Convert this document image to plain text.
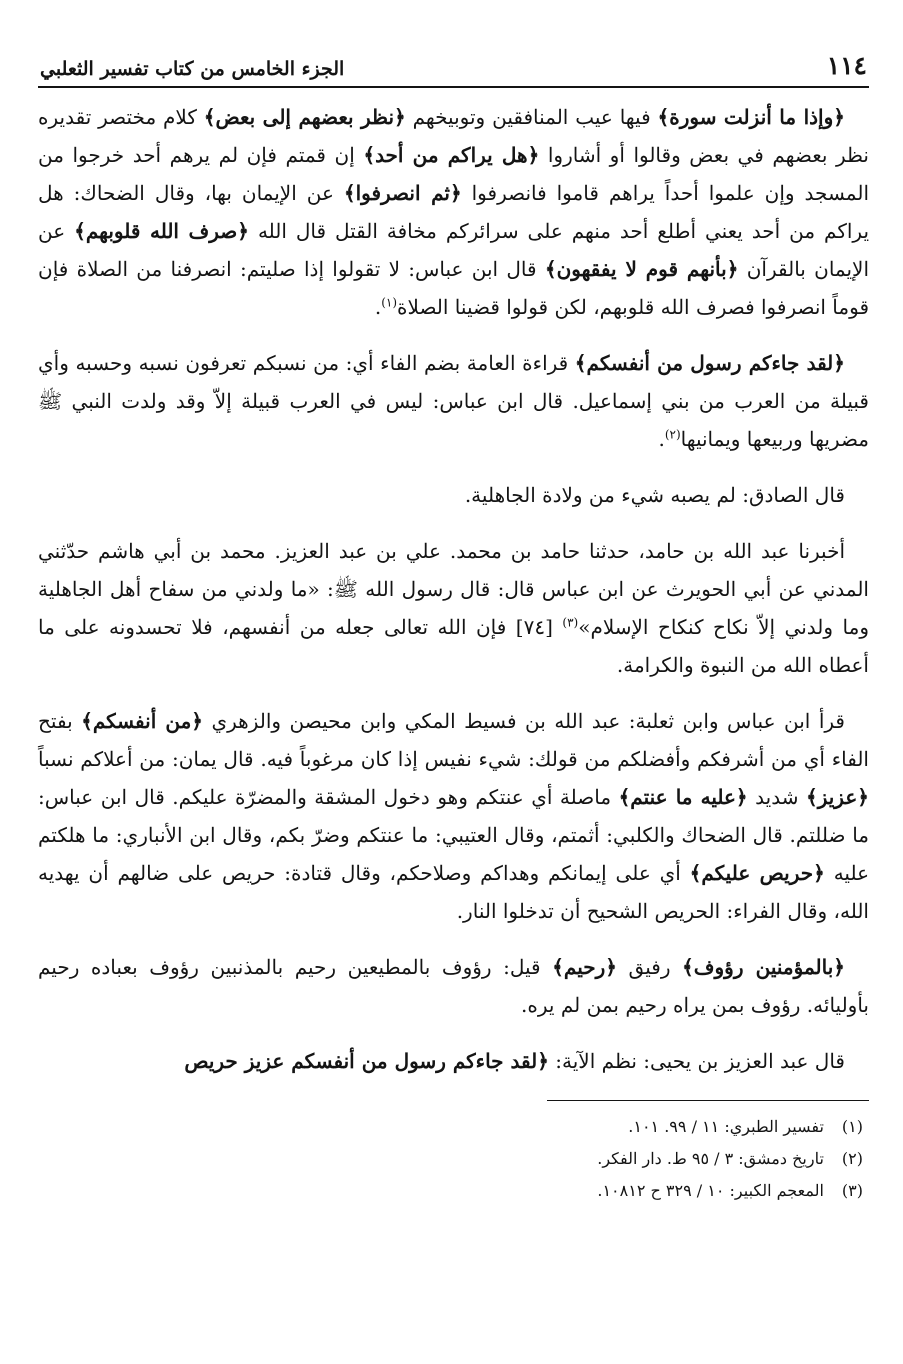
١١٤
الجزء الخامس من كتاب تفسير الثعلبي

﴿وإذا ما أنزلت سورة﴾ فيها عيب المنافقين وتوبيخهم ﴿نظر بعضهم إلى بعض﴾ كلام مختصر تقديره نظر بعضهم في بعض وقالوا أو أشاروا ﴿هل يراكم من أحد﴾ إن قمتم فإن لم يرهم أحد خرجوا من المسجد وإن علموا أحداً يراهم قاموا فانصرفوا ﴿ثم انصرفوا﴾ عن الإيمان بها، وقال الضحاك: هل يراكم من أحد يعني أطلع أحد منهم على سرائركم مخافة القتل قال الله ﴿صرف الله قلوبهم﴾ عن الإيمان بالقرآن ﴿بأنهم قوم لا يفقهون﴾ قال ابن عباس: لا تقولوا إذا صليتم: انصرفنا من الصلاة فإن قوماً انصرفوا فصرف الله قلوبهم، لكن قولوا قضينا الصلاة$^{(١)}$.

﴿لقد جاءكم رسول من أنفسكم﴾ قراءة العامة بضم الفاء أي: من نسبكم تعرفون نسبه وحسبه وأي قبيلة من العرب من بني إسماعيل. قال ابن عباس: ليس في العرب قبيلة إلاّ وقد ولدت النبي ﷺ مضريها وربيعها ويمانيها$^{(٢)}$.

قال الصادق: لم يصبه شيء من ولادة الجاهلية.

أخبرنا عبد الله بن حامد، حدثنا حامد بن محمد. علي بن عبد العزيز. محمد بن أبي هاشم حدّثني المدني عن أبي الحويرث عن ابن عباس قال: قال رسول الله ﷺ: «ما ولدني من سفاح أهل الجاهلية وما ولدني إلاّ نكاح كنكاح الإسلام»$^{(٣)}$ [٧٤] فإن الله تعالى جعله من أنفسهم، فلا تحسدونه على ما أعطاه الله من النبوة والكرامة.

قرأ ابن عباس وابن ثعلبة: عبد الله بن فسيط المكي وابن محيصن والزهري ﴿من أنفسكم﴾ بفتح الفاء أي من أشرفكم وأفضلكم من قولك: شيء نفيس إذا كان مرغوباً فيه. قال يمان: من أعلاكم نسباً ﴿عزيز﴾ شديد ﴿عليه ما عنتم﴾ ماصلة أي عنتكم وهو دخول المشقة والمضرّة عليكم. قال ابن عباس: ما ضللتم. قال الضحاك والكلبي: أثمتم، وقال العتيبي: ما عنتكم وضرّ بكم، وقال ابن الأنباري: ما هلكتم عليه ﴿حريص عليكم﴾ أي على إيمانكم وهداكم وصلاحكم، وقال قتادة: حريص على ضالهم أن يهديه الله، وقال الفراء: الحريص الشحيح أن تدخلوا النار.

﴿بالمؤمنين رؤوف﴾ رفيق ﴿رحيم﴾ قيل: رؤوف بالمطيعين رحيم بالمذنبين رؤوف بعباده رحيم بأوليائه. رؤوف بمن يراه رحيم بمن لم يره.

قال عبد العزيز بن يحيى: نظم الآية: ﴿لقد جاءكم رسول من أنفسكم عزيز حريص

(١) تفسير الطبري: ١١ / ٩٩. ١٠١.
(٢) تاريخ دمشق: ٣ / ٩٥ ط. دار الفكر.
(٣) المعجم الكبير: ١٠ / ٣٢٩ ح ١٠٨١٢.
